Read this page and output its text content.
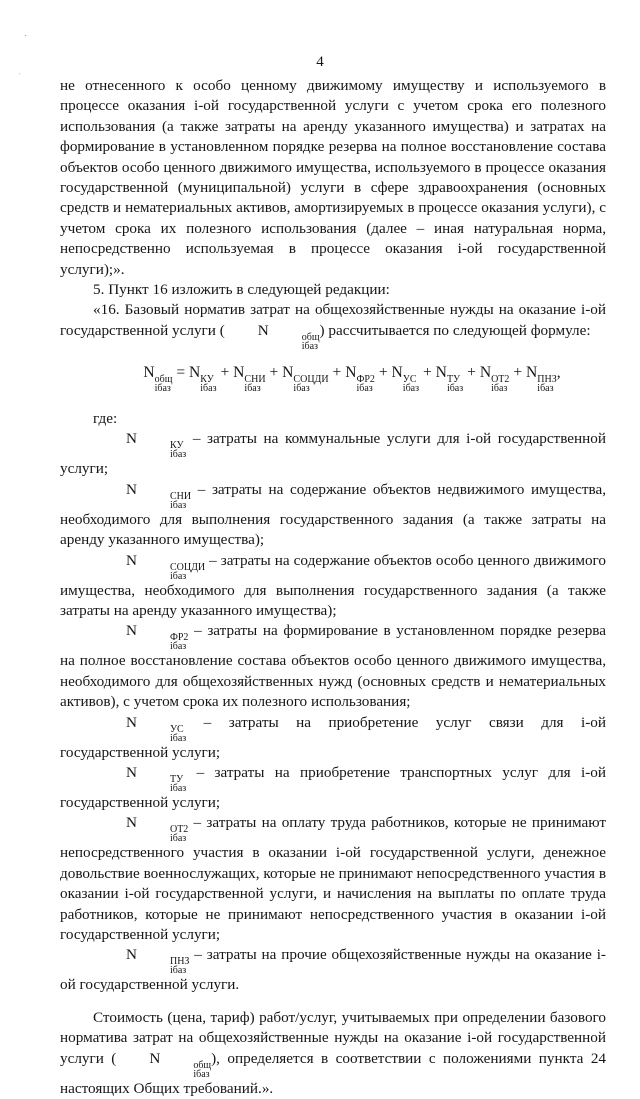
˙
ˊ
4

не отнесенного к особо ценному движимому имуществу и используемого в процессе оказания i-ой государственной услуги с учетом срока его полезного использования (а также затраты на аренду указанного имущества) и затратах на формирование в установленном порядке резерва на полное восстановление состава объектов особо ценного движимого имущества, используемого в процессе оказания государственной (муниципальной) услуги в сфере здравоохранения (основных средств и нематериальных активов, амортизируемых в процессе оказания услуги), с учетом срока их полезного использования (далее – иная натуральная норма, непосредственно используемая в процессе оказания i-ой государственной услуги);».

5. Пункт 16 изложить в следующей редакции:

«16. Базовый норматив затрат на общехозяйственные нужды на оказание i-ой государственной услуги ( N	общ
iбаз
) рассчитывается по следующей формуле:

N общ
iбаз
= N КУ
iбаз
+ N СНИ
iбаз
+ N СОЦДИ
iбаз
+ N ФР2
iбаз
+ N УС
iбаз
+ N ТУ
iбаз
+ N ОТ2
iбаз
+ N ПНЗ
iбаз
,

где:

N	КУ
iбаз
– затраты на коммунальные услуги для i-ой государственной услуги;

N	СНИ
iбаз
– затраты на содержание объектов недвижимого имущества, необходимого для выполнения государственного задания (а также затраты на аренду указанного имущества);

N	СОЦДИ
iбаз
– затраты на содержание объектов особо ценного движимого имущества, необходимого для выполнения государственного задания (а также затраты на аренду указанного имущества);

N	ФР2
iбаз
– затраты на формирование в установленном порядке резерва на полное восстановление состава объектов особо ценного движимого имущества, необходимого для общехозяйственных нужд (основных средств и нематериальных активов), с учетом срока их полезного использования;

N	УС
iбаз
– затраты на приобретение услуг связи для i-ой государственной услуги;

N	ТУ
iбаз
– затраты на приобретение транспортных услуг для i-ой государственной услуги;

N	ОТ2
iбаз
– затраты на оплату труда работников, которые не принимают непосредственного участия в оказании i-ой государственной услуги, денежное довольствие военнослужащих, которые не принимают непосредственного участия в оказании i-ой государственной услуги, и начисления на выплаты по оплате труда работников, которые не принимают непосредственного участия в оказании i-ой государственной услуги;

N	ПНЗ
iбаз
– затраты на прочие общехозяйственные нужды на оказание i-ой государственной услуги.

Стоимость (цена, тариф) работ/услуг, учитываемых при определении базового норматива затрат на общехозяйственные нужды на оказание i-ой государственной услуги ( N	общ
iбаз
), определяется в соответствии с положениями пункта 24 настоящих Общих требований.».
